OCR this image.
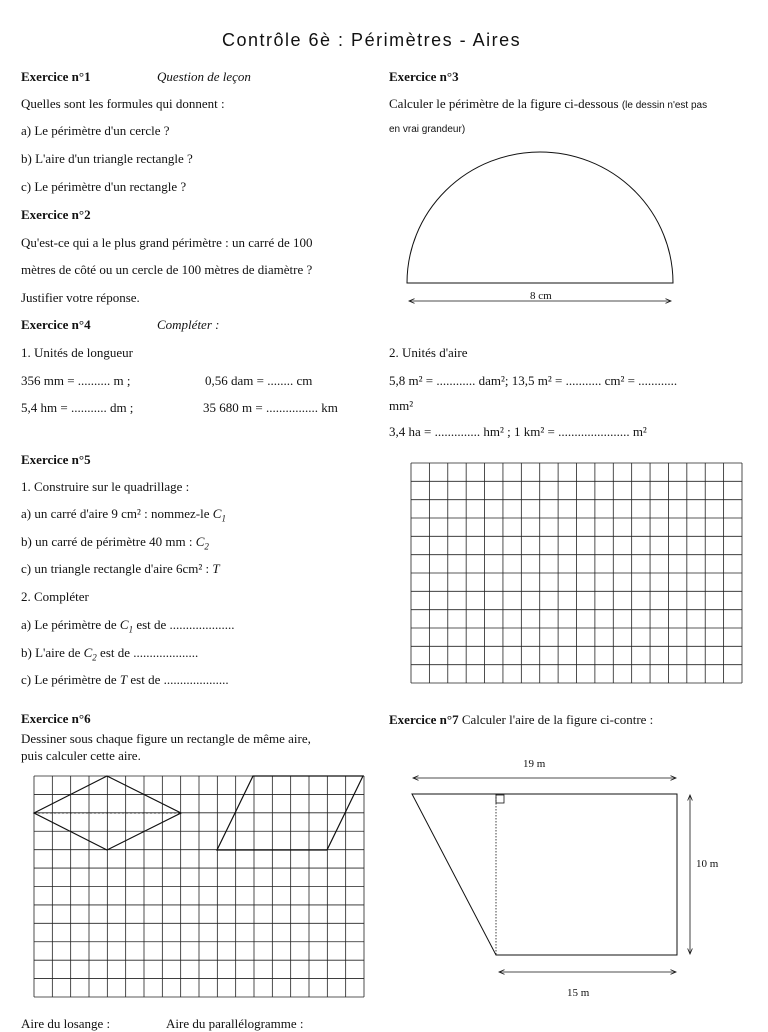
Contrôle 6è : Périmètres - Aires
Exercice n°1	Question de leçon
Quelles sont les formules qui donnent :
a) Le périmètre d'un cercle ?
b) L'aire d'un triangle rectangle ?
c) Le périmètre d'un rectangle ?
Exercice n°2
Qu'est-ce qui a le plus grand périmètre : un carré de 100
mètres de côté ou un cercle de 100 mètres de diamètre ?
Justifier votre réponse.
Exercice n°4	Compléter :
1. Unités de longueur
356 mm = .......... m ;	0,56 dam = ........ cm
5,4 hm = ........... dm ;	35 680 m = ................ km
Exercice n°5
1. Construire sur le quadrillage :
a) un carré d'aire 9 cm² : nommez-le $C_1$
b) un carré de périmètre 40 mm : $C_2$
c) un triangle rectangle d'aire 6cm² : T
2. Compléter
a) Le périmètre de $C_1$ est de ....................
b) L'aire de $C_2$ est de ....................
c) Le périmètre de T est de ....................
Exercice n°6
Dessiner sous chaque figure un rectangle de même aire,
puis calculer cette aire.
Aire du losange :	Aire du parallélogramme :
Exercice n°3
Calculer le périmètre de la figure ci-dessous (le dessin n'est pas
en vrai grandeur)
8 cm
2. Unités d'aire
5,8 m² = ............ dam²; 13,5 m² = ........... cm² = ............
mm²
3,4 ha = .............. hm² ; 1 km² = ...................... m²
Exercice n°7 Calculer l'aire de la figure ci-contre :
19 m
10 m
15 m
